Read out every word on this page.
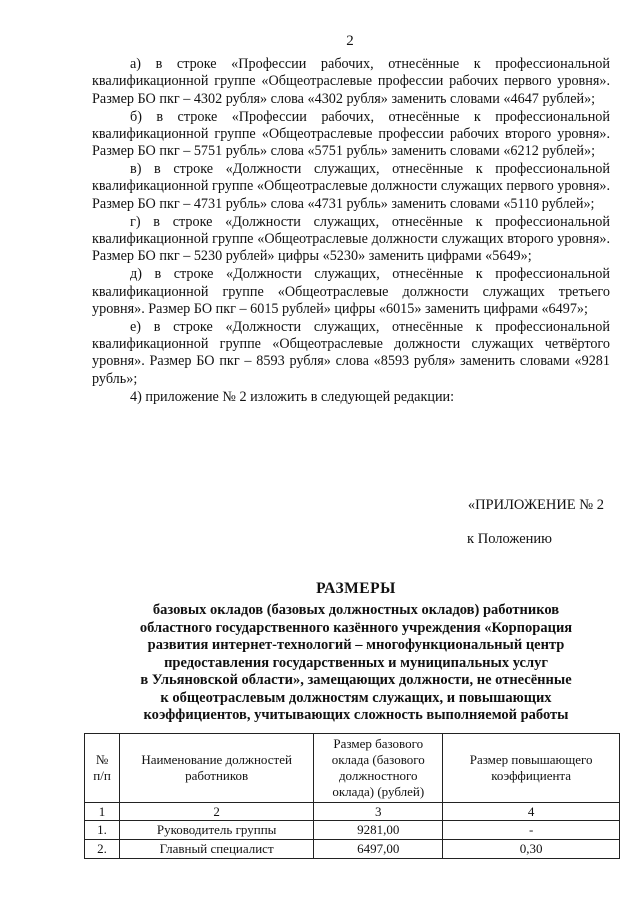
2

а) в строке «Профессии рабочих, отнесённые к профессиональной квалификационной группе «Общеотраслевые профессии рабочих первого уровня». Размер БО пкг – 4302 рубля» слова «4302 рубля» заменить словами «4647 рублей»;

б) в строке «Профессии рабочих, отнесённые к профессиональной квалификационной группе «Общеотраслевые профессии рабочих второго уровня». Размер БО пкг – 5751 рубль» слова «5751 рубль» заменить словами «6212 рублей»;

в) в строке «Должности служащих, отнесённые к профессиональной квалификационной группе «Общеотраслевые должности служащих первого уровня». Размер БО пкг – 4731 рубль» слова «4731 рубль» заменить словами «5110 рублей»;

г) в строке «Должности служащих, отнесённые к профессиональной квалификационной группе «Общеотраслевые должности служащих второго уровня». Размер БО пкг – 5230 рублей» цифры «5230» заменить цифрами «5649»;

д) в строке «Должности служащих, отнесённые к профессиональной квалификационной группе «Общеотраслевые должности служащих третьего уровня». Размер БО пкг – 6015 рублей» цифры «6015» заменить цифрами «6497»;

е) в строке «Должности служащих, отнесённые к профессиональной квалификационной группе «Общеотраслевые должности служащих четвёртого уровня». Размер БО пкг – 8593 рубля» слова «8593 рубля» заменить словами «9281 рубль»;

4) приложение № 2 изложить в следующей редакции:

«ПРИЛОЖЕНИЕ № 2
к Положению
РАЗМЕРЫ
базовых окладов (базовых должностных окладов) работников
областного государственного казённого учреждения «Корпорация
развития интернет-технологий – многофункциональный центр
предоставления государственных и муниципальных услуг
в Ульяновской области», замещающих должности, не отнесённые
к общеотраслевым должностям служащих, и повышающих
коэффициентов, учитывающих сложность выполняемой работы
№ п/п	Наименование должностей работников	Размер базового оклада (базового должностного оклада) (рублей)	Размер повышающего коэффициента
1	2	3	4
1.	Руководитель группы	9281,00	-
2.	Главный специалист	6497,00	0,30
